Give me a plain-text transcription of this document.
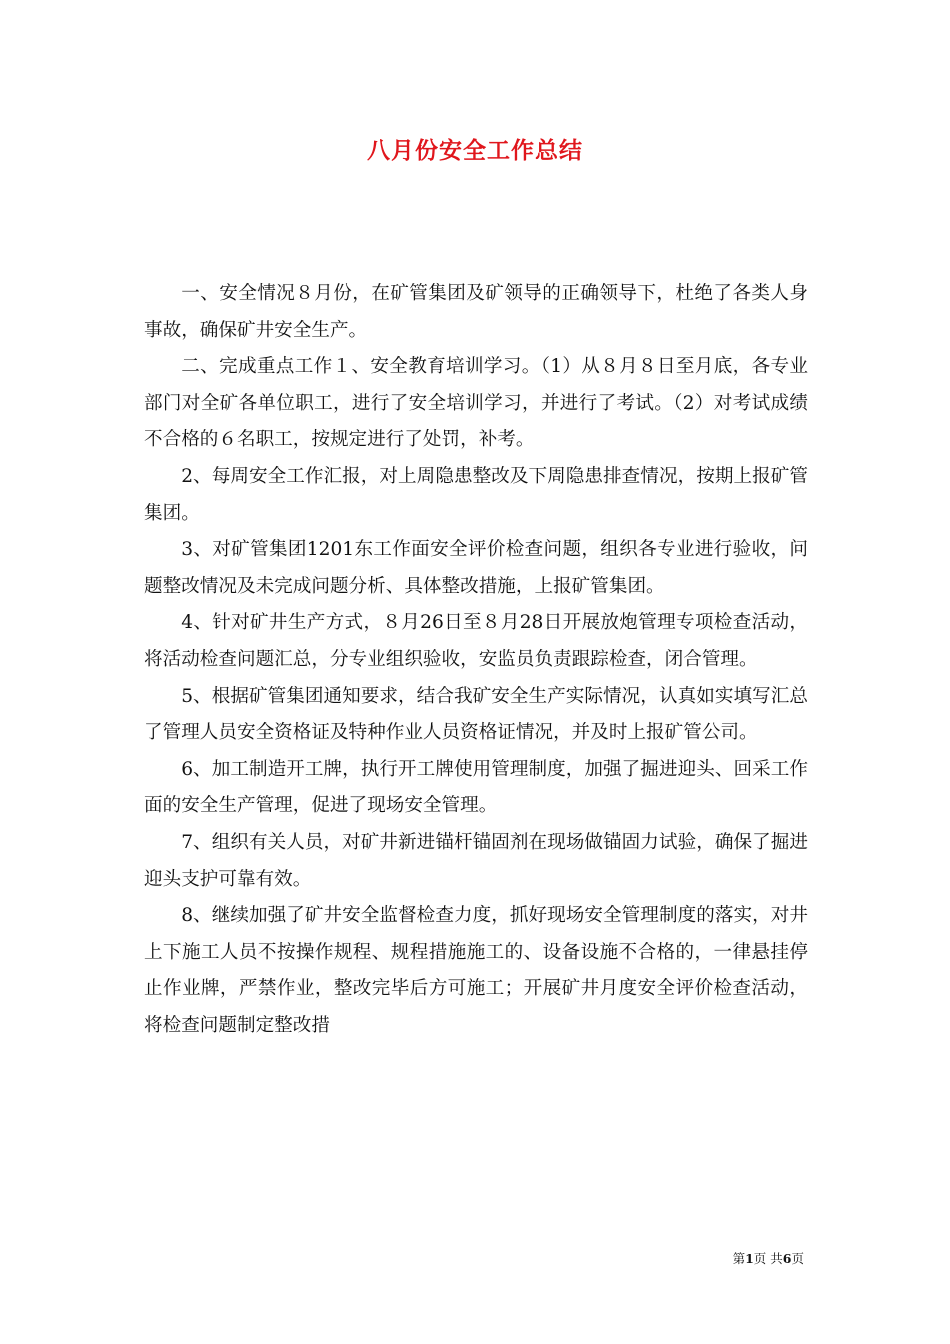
八月份安全工作总结

一、安全情况８月份，在矿管集团及矿领导的正确领导下，杜绝了各类人身事故，确保矿井安全生产。

二、完成重点工作１、安全教育培训学习。（1）从８月８日至月底，各专业部门对全矿各单位职工，进行了安全培训学习，并进行了考试。（2）对考试成绩不合格的６名职工，按规定进行了处罚，补考。

2、每周安全工作汇报，对上周隐患整改及下周隐患排查情况，按期上报矿管集团。

3、对矿管集团1201东工作面安全评价检查问题，组织各专业进行验收，问题整改情况及未完成问题分析、具体整改措施，上报矿管集团。

4、针对矿井生产方式，８月26日至８月28日开展放炮管理专项检查活动，将活动检查问题汇总，分专业组织验收，安监员负责跟踪检查，闭合管理。

5、根据矿管集团通知要求，结合我矿安全生产实际情况，认真如实填写汇总了管理人员安全资格证及特种作业人员资格证情况，并及时上报矿管公司。

6、加工制造开工牌，执行开工牌使用管理制度，加强了掘进迎头、回采工作面的安全生产管理，促进了现场安全管理。

7、组织有关人员，对矿井新进锚杆锚固剂在现场做锚固力试验，确保了掘进迎头支护可靠有效。

8、继续加强了矿井安全监督检查力度，抓好现场安全管理制度的落实，对井上下施工人员不按操作规程、规程措施施工的、设备设施不合格的，一律悬挂停止作业牌，严禁作业，整改完毕后方可施工；开展矿井月度安全评价检查活动，将检查问题制定整改措

第1页 共6页
